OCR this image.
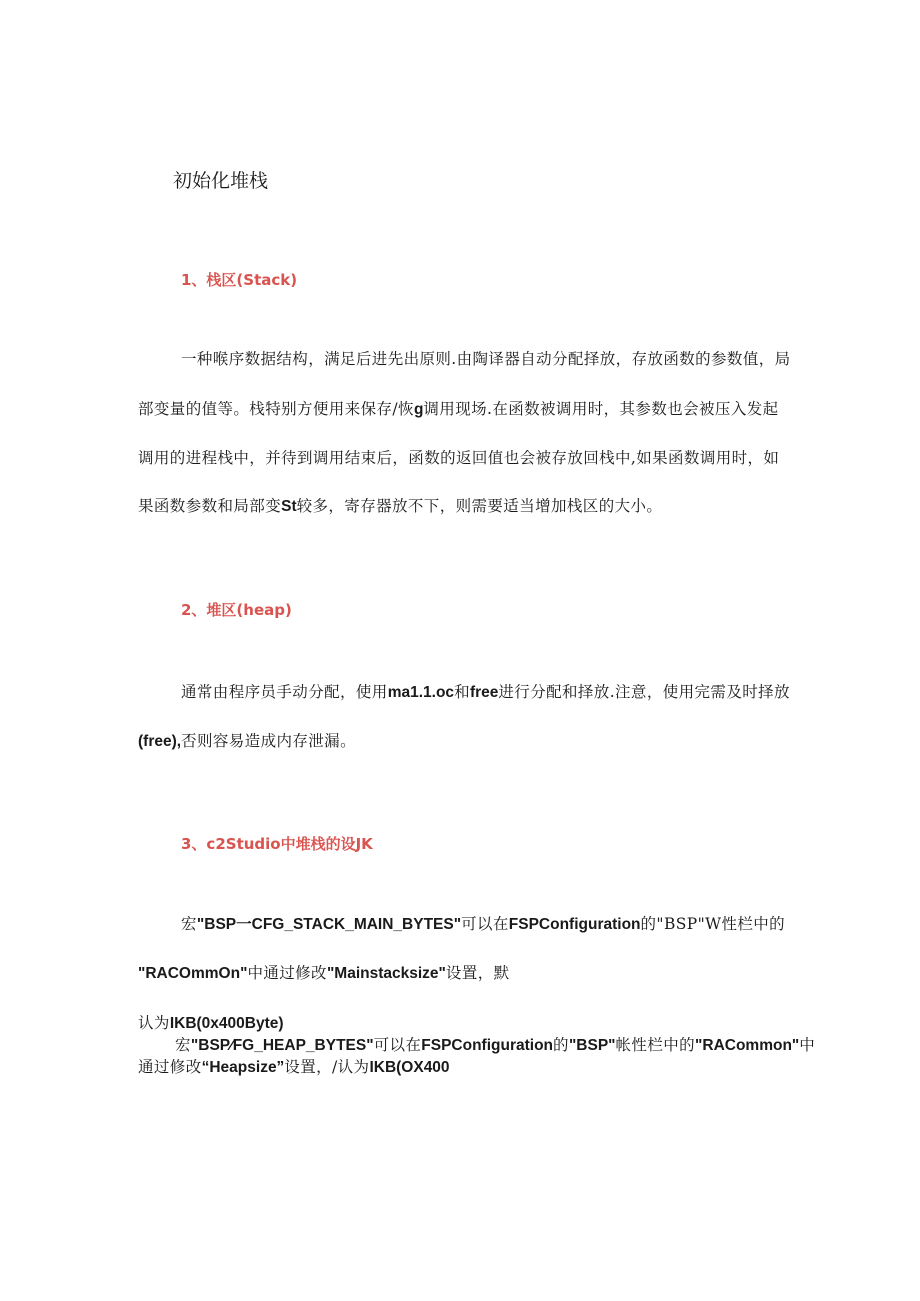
初始化堆栈
1、栈区(Stack)
一种喉序数据结构，满足后进先出原则.由陶译器自动分配择放，存放函数的参数值，局
部变量的值等。栈特别方便用来保存/恢g调用现场.在函数被调用时，其参数也会被压入发起
调用的进程栈中，并待到调用结束后，函数的返回值也会被存放回栈中,如果函数调用时，如
果函数参数和局部变St较多，寄存器放不下，则需要适当增加栈区的大小。
2、堆区(heap)
通常由程序员手动分配，使用ma1.1.oc和free进行分配和择放.注意，使用完需及时择放
(free),否则容易造成内存泄漏。
3、c2Studio中堆栈的设JK
宏"BSP一CFG_STACK_MAIN_BYTES"可以在FSPConfiguration的"BSP"W性栏中的
"RACOmmOn"中通过修改"Mainstacksize"设置，默
认为IKB(0x400Byte)
宏"BSP∕FG_HEAP_BYTES"可以在FSPConfiguration的"BSP"帐性栏中的"RACommon"中
通过修改“Heapsize”设置，/认为IKB(OX400
